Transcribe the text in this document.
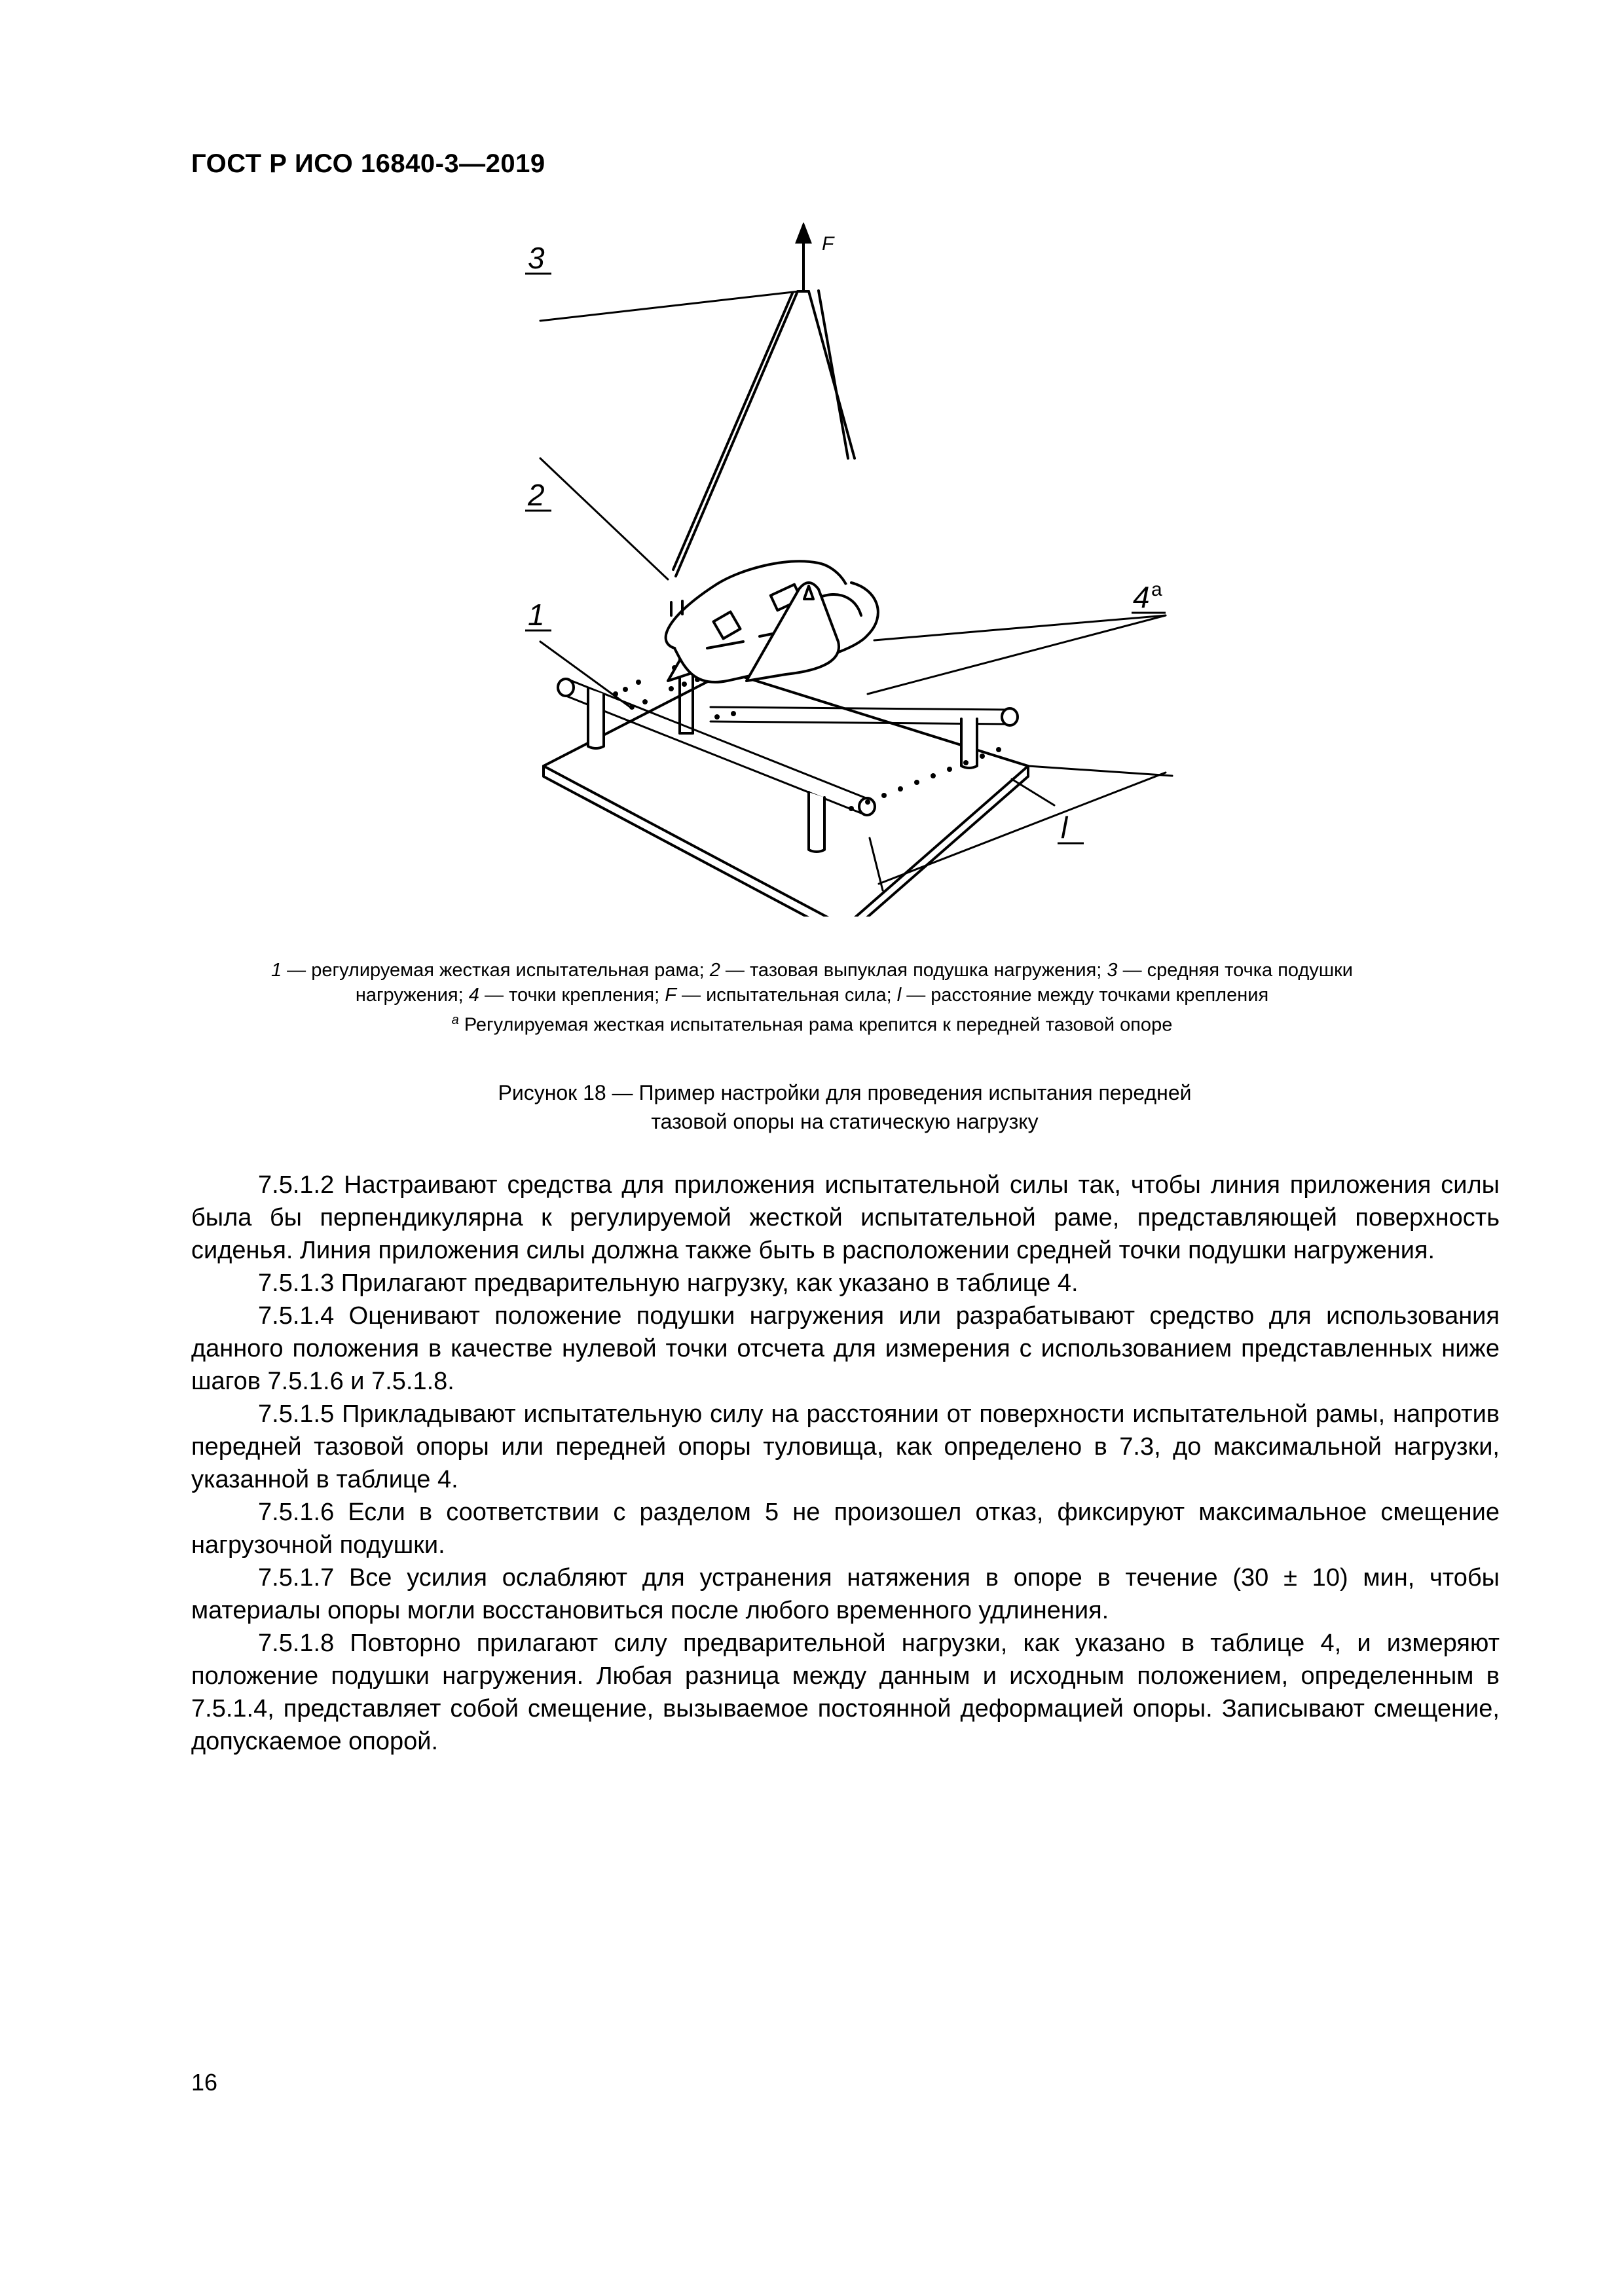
ГОСТ Р ИСО 16840-3—2019
3
2
1
4
l
a
F
1 — регулируемая жесткая испытательная рама; 2 — тазовая выпуклая подушка нагружения; 3 — средняя точка подушки
нагружения; 4 — точки крепления; F — испытательная сила; l — расстояние между точками крепления
$^a$ Регулируемая жесткая испытательная рама крепится к передней тазовой опоре
Рисунок 18 — Пример настройки для проведения испытания передней
тазовой опоры на статическую нагрузку

7.5.1.2 Настраивают средства для приложения испытательной силы так, чтобы линия приложения силы была бы перпендикулярна к регулируемой жесткой испытательной раме, представляющей поверхность сиденья. Линия приложения силы должна также быть в расположении средней точки подушки нагружения.

7.5.1.3 Прилагают предварительную нагрузку, как указано в таблице 4.

7.5.1.4 Оценивают положение подушки нагружения или разрабатывают средство для использования данного положения в качестве нулевой точки отсчета для измерения с использованием представленных ниже шагов 7.5.1.6 и 7.5.1.8.

7.5.1.5 Прикладывают испытательную силу на расстоянии от поверхности испытательной рамы, напротив передней тазовой опоры или передней опоры туловища, как определено в 7.3, до максимальной нагрузки, указанной в таблице 4.

7.5.1.6 Если в соответствии с разделом 5 не произошел отказ, фиксируют максимальное смещение нагрузочной подушки.

7.5.1.7 Все усилия ослабляют для устранения натяжения в опоре в течение (30 ± 10) мин, чтобы материалы опоры могли восстановиться после любого временного удлинения.

7.5.1.8 Повторно прилагают силу предварительной нагрузки, как указано в таблице 4, и измеряют положение подушки нагружения. Любая разница между данным и исходным положением, определенным в 7.5.1.4, представляет собой смещение, вызываемое постоянной деформацией опоры. Записывают смещение, допускаемое опорой.

16
